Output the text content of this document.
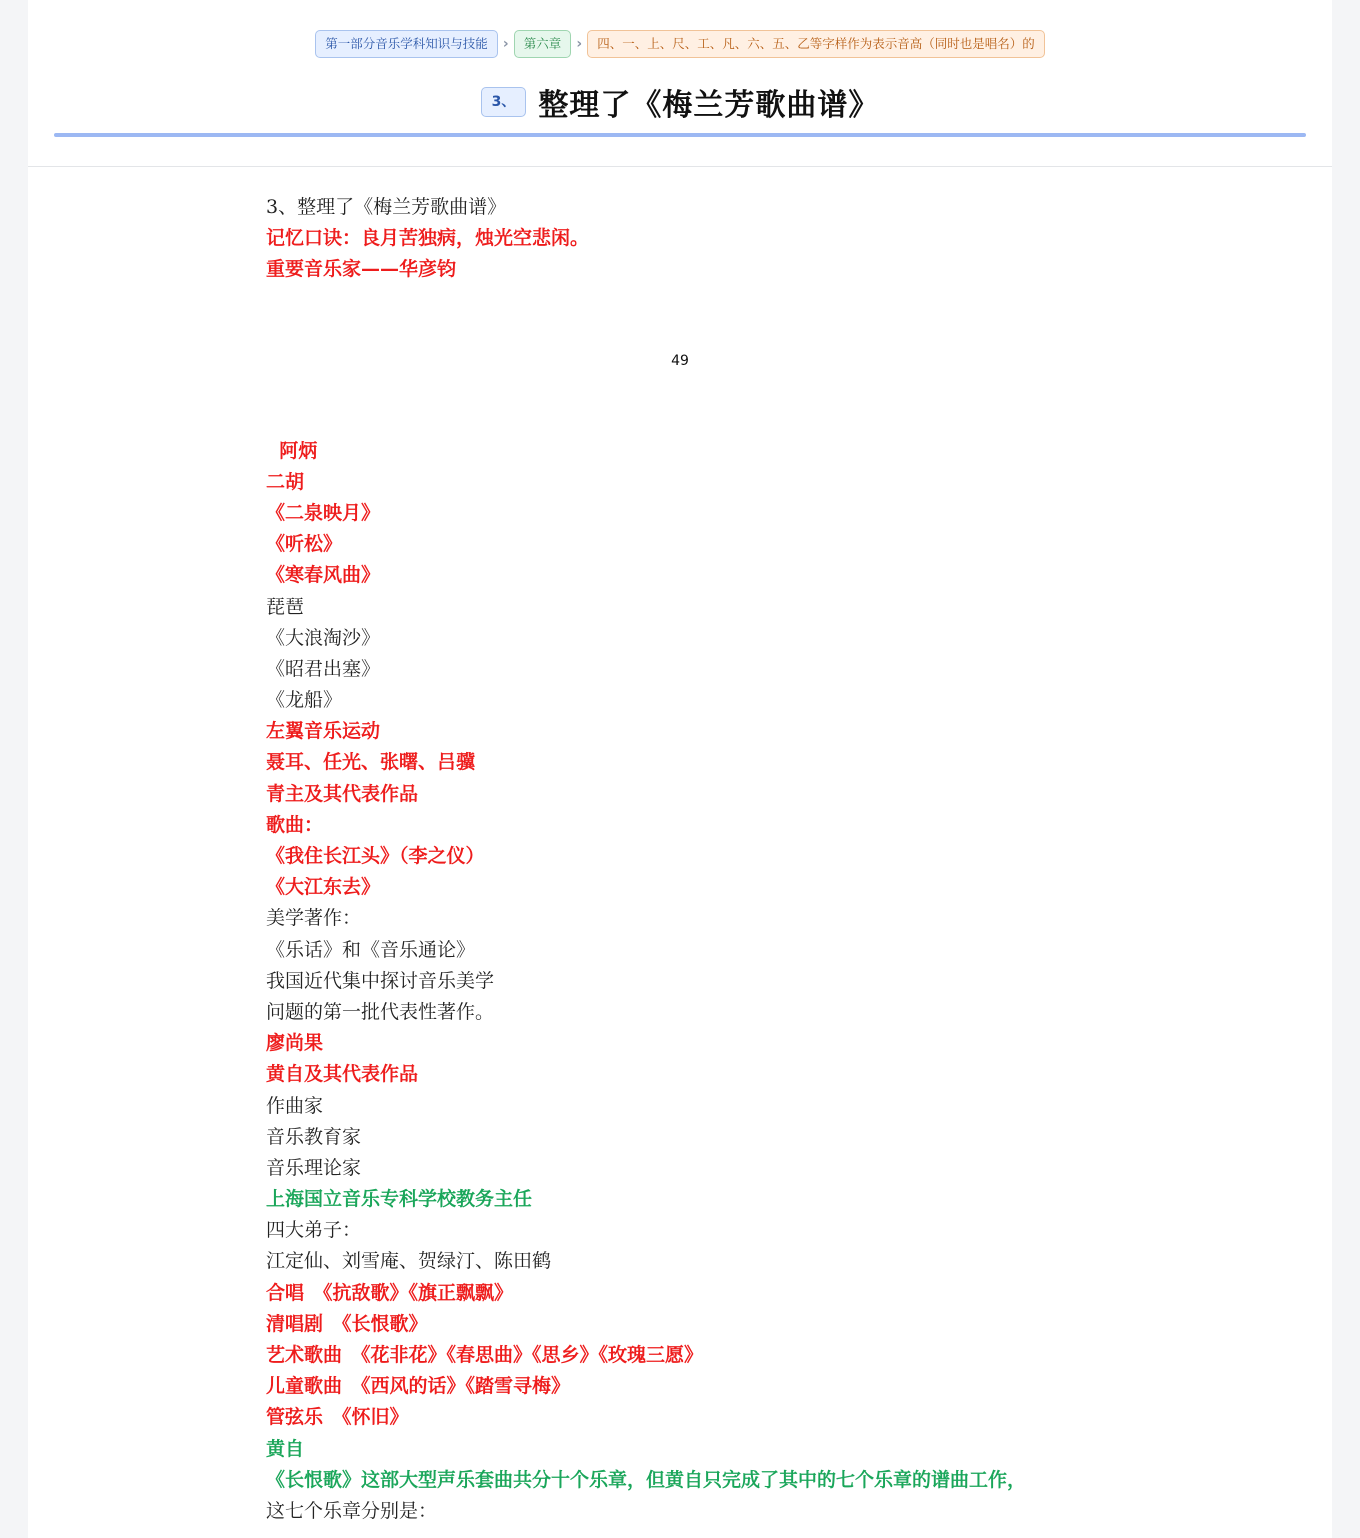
第一部分音乐学科知识与技能	›	第六章	›	四、一、上、尺、工、凡、六、五、乙等字样作为表示音高（同时也是唱名）的
3、 整理了《梅兰芳歌曲谱》
3、整理了《梅兰芳歌曲谱》
记忆口诀：良月苦独病，烛光空悲闲。
重要音乐家——华彦钧
49
阿炳
二胡
《二泉映月》
《听松》
《寒春风曲》
琵琶
《大浪淘沙》
《昭君出塞》
《龙船》
左翼音乐运动
聂耳、任光、张曙、吕骥
青主及其代表作品
歌曲：
《我住长江头》（李之仪）
《大江东去》
美学著作：
《乐话》和《音乐通论》
我国近代集中探讨音乐美学
问题的第一批代表性著作。
廖尚果
黄自及其代表作品
作曲家
音乐教育家
音乐理论家
上海国立音乐专科学校教务主任
四大弟子：
江定仙、刘雪庵、贺绿汀、陈田鹤
合唱　《抗敌歌》《旗正飘飘》
清唱剧　《长恨歌》
艺术歌曲　《花非花》《春思曲》《思乡》《玫瑰三愿》
儿童歌曲　《西风的话》《踏雪寻梅》
管弦乐　《怀旧》
黄自
《长恨歌》这部大型声乐套曲共分十个乐章，但黄自只完成了其中的七个乐章的谱曲工作，
这七个乐章分别是：
